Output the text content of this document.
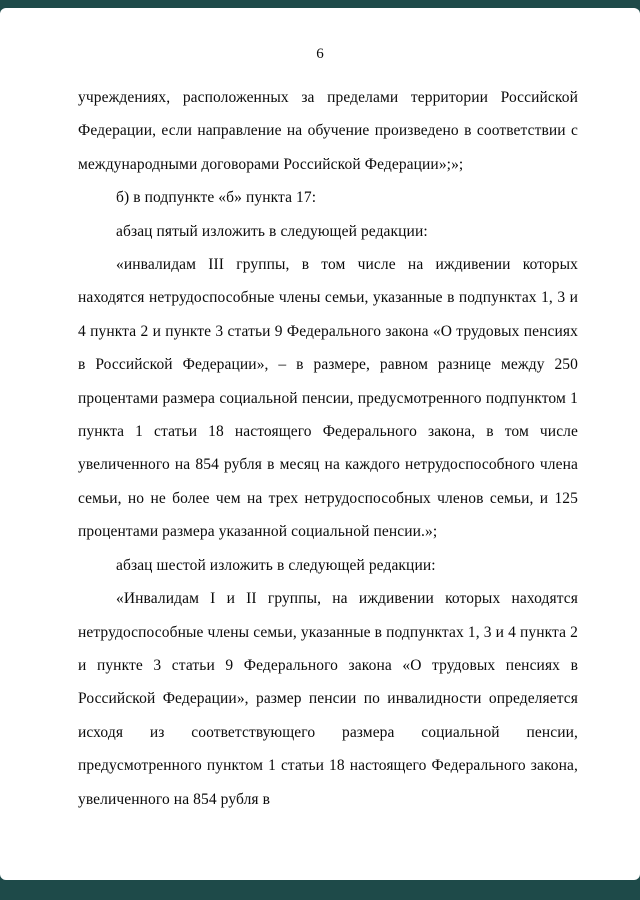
6

учреждениях, расположенных за пределами территории Российской Федерации, если направление на обучение произведено в соответствии с международными договорами Российской Федерации»;»;

б) в подпункте «б» пункта 17:

абзац пятый изложить в следующей редакции:

«инвалидам III группы, в том числе на иждивении которых находятся нетрудоспособные члены семьи, указанные в подпунктах 1, 3 и 4 пункта 2 и пункте 3 статьи 9 Федерального закона «О трудовых пенсиях в Российской Федерации», – в размере, равном разнице между 250 процентами размера социальной пенсии, предусмотренного подпунктом 1 пункта 1 статьи 18 настоящего Федерального закона, в том числе увеличенного на 854 рубля в месяц на каждого нетрудоспособного члена семьи, но не более чем на трех нетрудоспособных членов семьи, и 125 процентами размера указанной социальной пенсии.»;

абзац шестой изложить в следующей редакции:

«Инвалидам I и II группы, на иждивении которых находятся нетрудоспособные члены семьи, указанные в подпунктах 1, 3 и 4 пункта 2 и пункте 3 статьи 9 Федерального закона «О трудовых пенсиях в Российской Федерации», размер пенсии по инвалидности определяется исходя из соответствующего размера социальной пенсии, предусмотренного пунктом 1 статьи 18 настоящего Федерального закона, увеличенного на 854 рубля в
